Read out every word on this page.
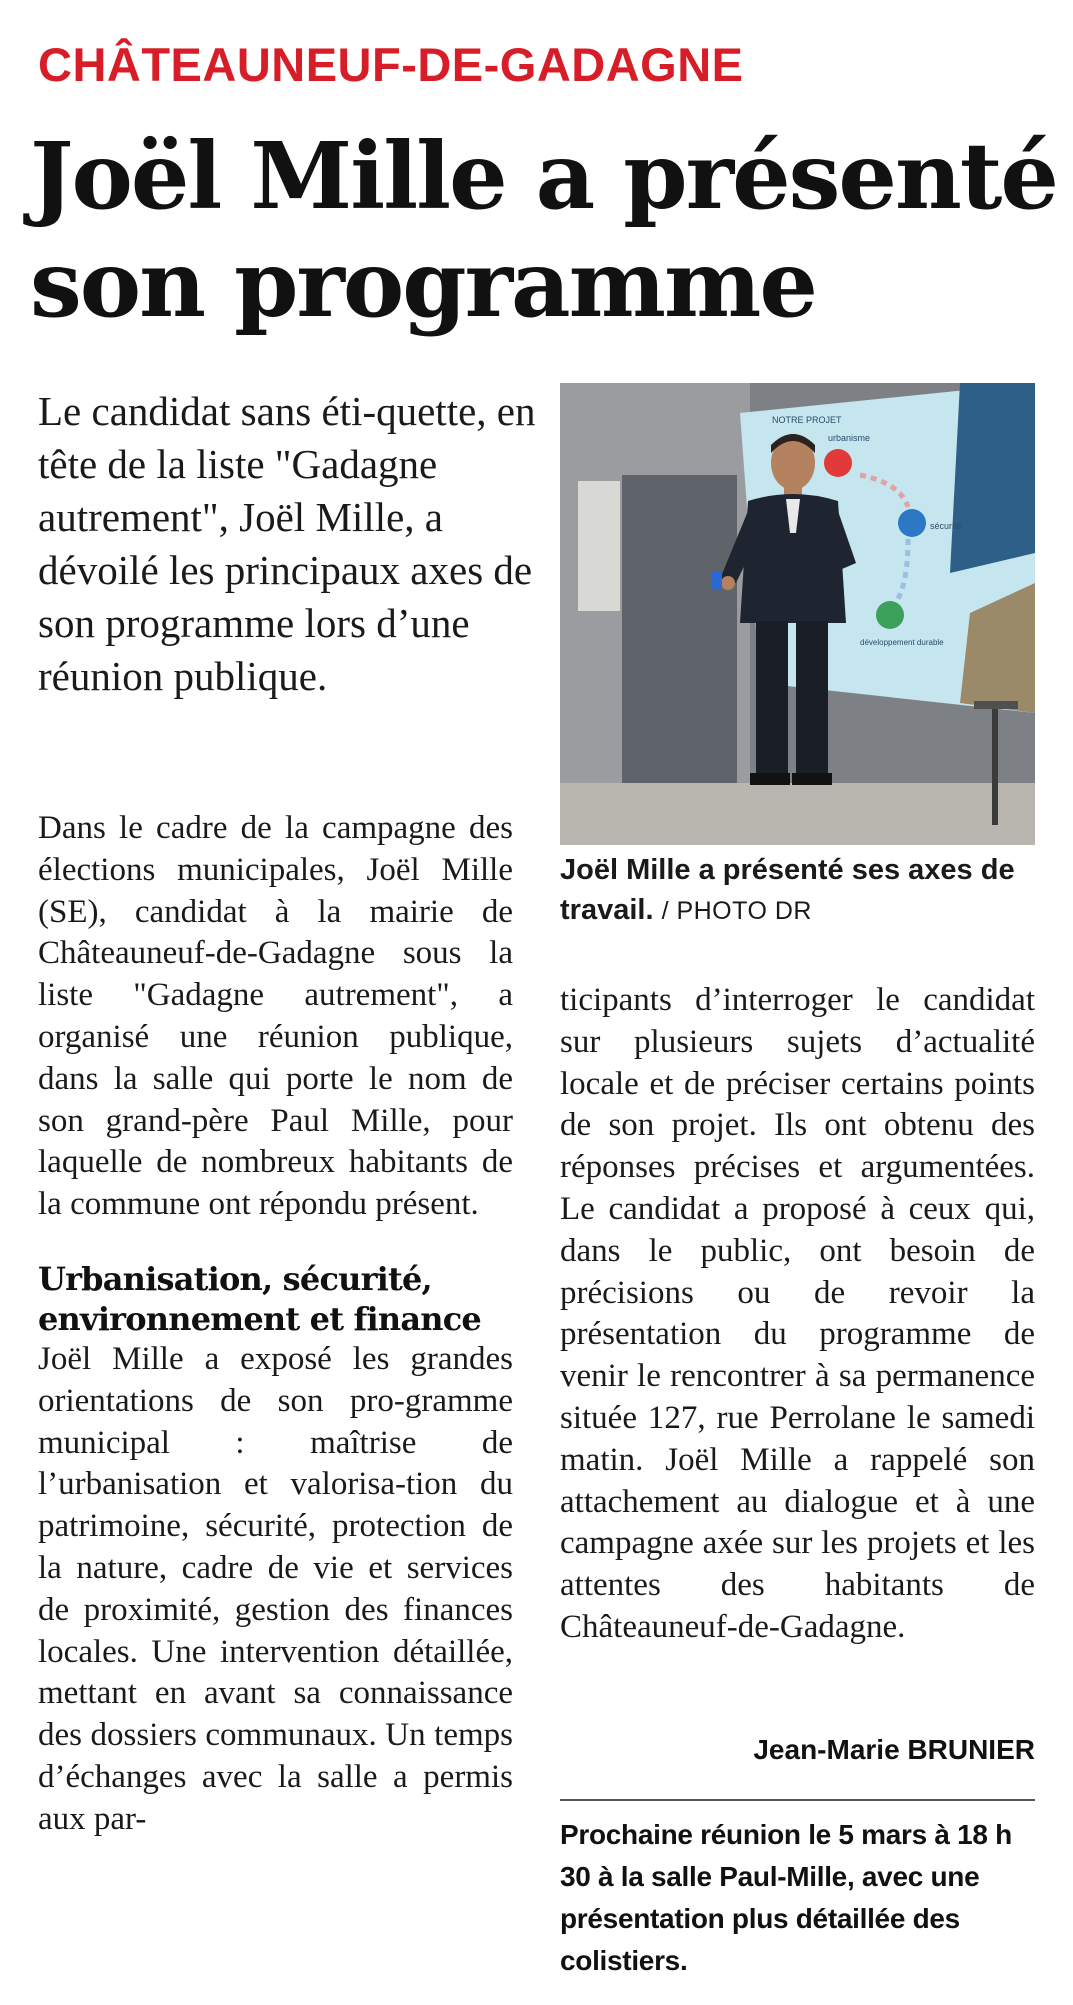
CHÂTEAUNEUF-DE-GADAGNE
Joël Mille a présenté
son programme

Le candidat sans éti-quette, en tête de la liste "Gadagne autrement", Joël Mille, a dévoilé les principaux axes de son programme lors d’une réunion publique.

Dans le cadre de la campagne des élections municipales, Joël Mille (SE), candidat à la mairie de Châteauneuf-de-Gadagne sous la liste "Gadagne autrement", a organisé une réunion publique, dans la salle qui porte le nom de son grand-père Paul Mille, pour laquelle de nombreux habitants de la commune ont répondu présent.

Urbanisation, sécurité, environnement et finance

Joël Mille a exposé les grandes orientations de son pro-gramme municipal : maîtrise de l’urbanisation et valorisa-tion du patrimoine, sécurité, protection de la nature, cadre de vie et services de proximité, gestion des finances locales. Une intervention détaillée, mettant en avant sa connaissance des dossiers communaux. Un temps d’échanges avec la salle a permis aux par-

NOTRE PROJET
urbanisme
sécurité
développement durable
Joël Mille a présenté ses axes de travail. / PHOTO DR

ticipants d’interroger le candidat sur plusieurs sujets d’actualité locale et de préciser certains points de son projet. Ils ont obtenu des réponses précises et argumentées. Le candidat a proposé à ceux qui, dans le public, ont besoin de précisions ou de revoir la présentation du programme de venir le rencontrer à sa permanence située 127, rue Perrolane le samedi matin. Joël Mille a rappelé son attachement au dialogue et à une campagne axée sur les projets et les attentes des habitants de Châteauneuf-de-Gadagne.

Jean-Marie BRUNIER

Prochaine réunion le 5 mars à 18 h 30 à la salle Paul-Mille, avec une présentation plus détaillée des colistiers.
